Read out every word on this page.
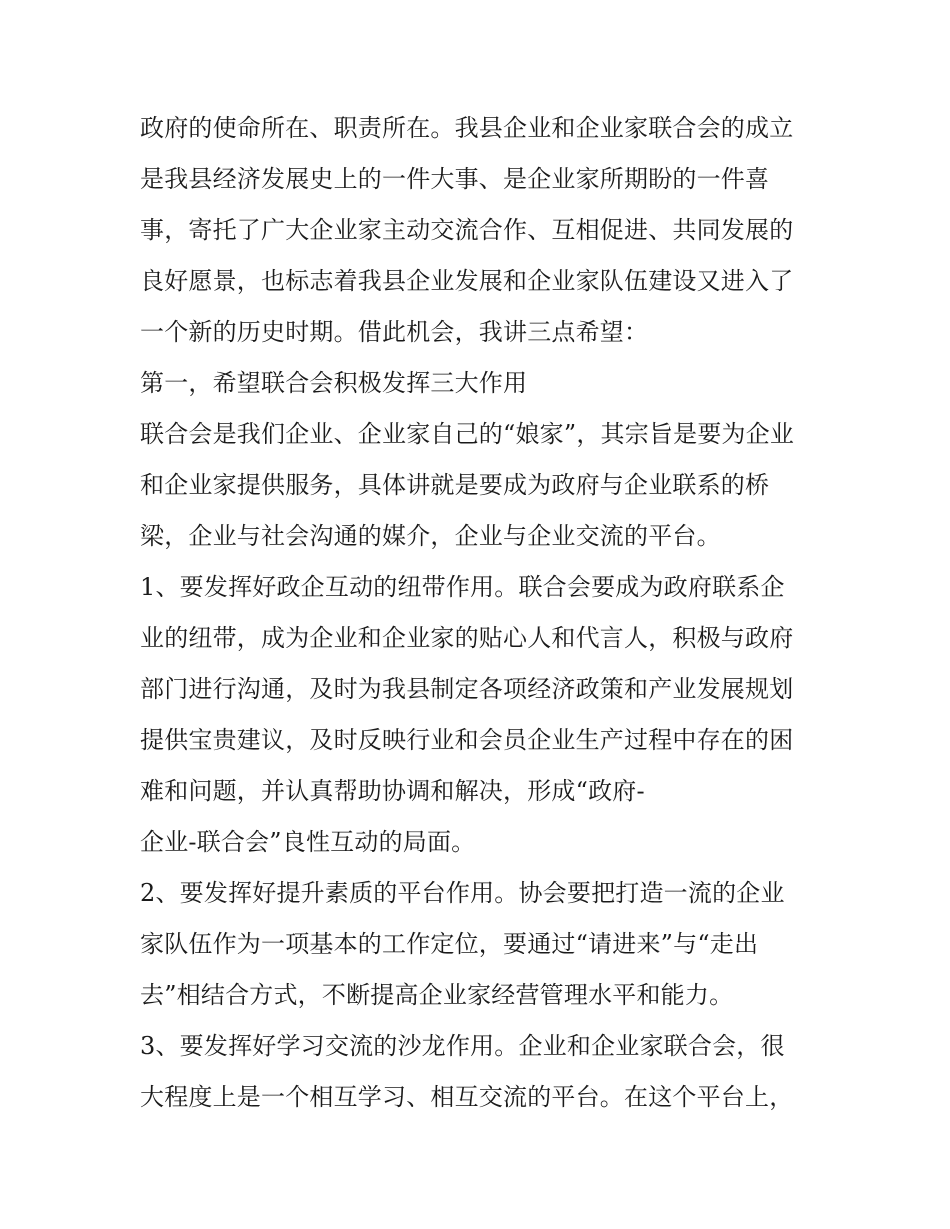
政府的使命所在、职责所在。我县企业和企业家联合会的成立
是我县经济发展史上的一件大事、是企业家所期盼的一件喜
事，寄托了广大企业家主动交流合作、互相促进、共同发展的
良好愿景，也标志着我县企业发展和企业家队伍建设又进入了
一个新的历史时期。借此机会，我讲三点希望：
第一，希望联合会积极发挥三大作用
联合会是我们企业、企业家自己的“娘家”，其宗旨是要为企业
和企业家提供服务，具体讲就是要成为政府与企业联系的桥
梁，企业与社会沟通的媒介，企业与企业交流的平台。
1、要发挥好政企互动的纽带作用。联合会要成为政府联系企
业的纽带，成为企业和企业家的贴心人和代言人，积极与政府
部门进行沟通，及时为我县制定各项经济政策和产业发展规划
提供宝贵建议，及时反映行业和会员企业生产过程中存在的困
难和问题，并认真帮助协调和解决，形成“政府-
企业-联合会”良性互动的局面。
2、要发挥好提升素质的平台作用。协会要把打造一流的企业
家队伍作为一项基本的工作定位，要通过“请进来”与“走出
去”相结合方式，不断提高企业家经营管理水平和能力。
3、要发挥好学习交流的沙龙作用。企业和企业家联合会，很
大程度上是一个相互学习、相互交流的平台。在这个平台上，
